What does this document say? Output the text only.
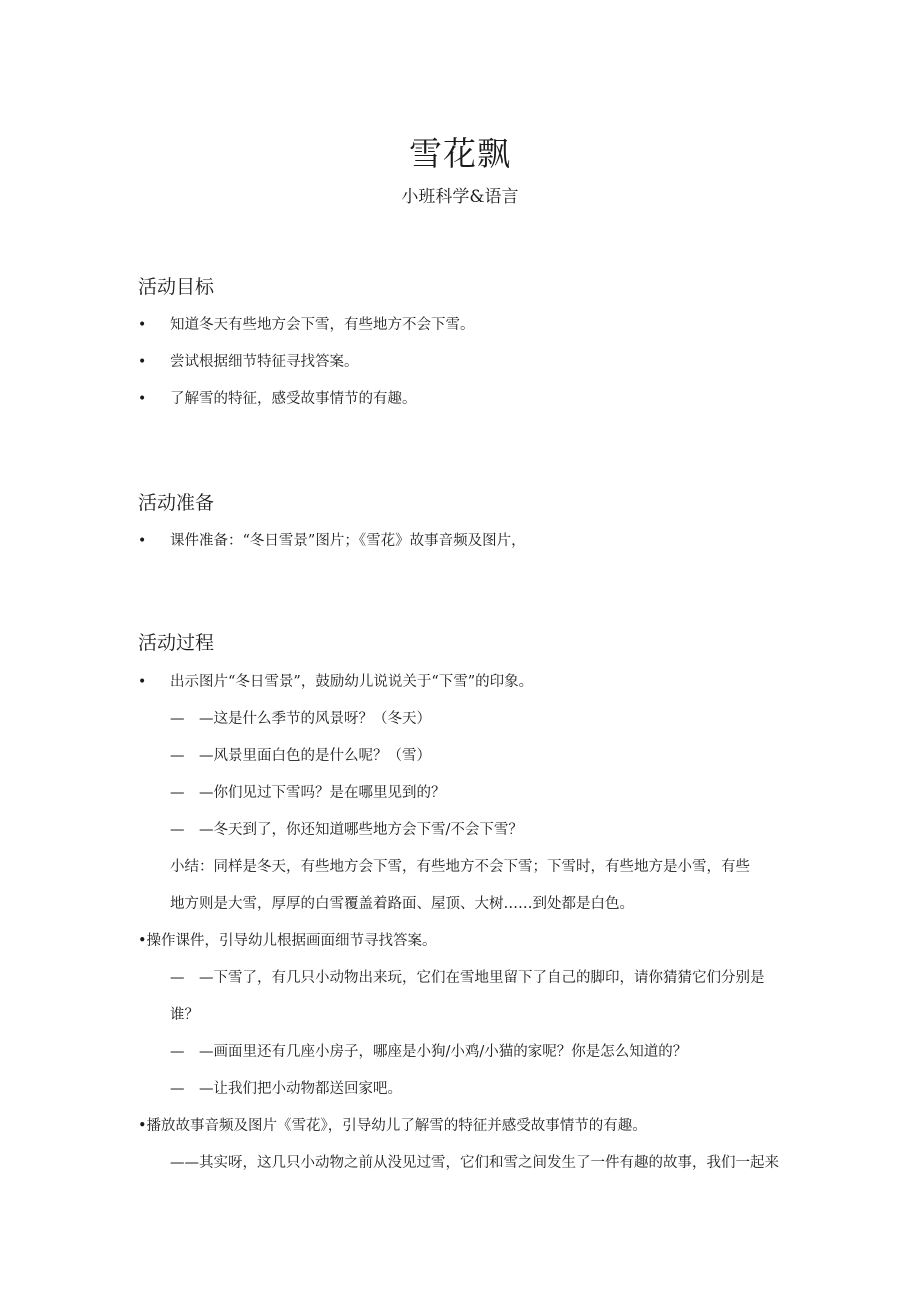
雪花飘
小班科学&语言
活动目标
• 知道冬天有些地方会下雪，有些地方不会下雪。
• 尝试根据细节特征寻找答案。
• 了解雪的特征，感受故事情节的有趣。
活动准备
• 课件准备：“冬日雪景”图片；《雪花》故事音频及图片，
活动过程
• 出示图片“冬日雪景”，鼓励幼儿说说关于“下雪”的印象。
— —这是什么季节的风景呀？（冬天）
— —风景里面白色的是什么呢？（雪）
— —你们见过下雪吗？是在哪里见到的？
— —冬天到了，你还知道哪些地方会下雪/不会下雪？
小结：同样是冬天，有些地方会下雪，有些地方不会下雪；下雪时，有些地方是小雪，有些
地方则是大雪，厚厚的白雪覆盖着路面、屋顶、大树……到处都是白色。
•操作课件，引导幼儿根据画面细节寻找答案。
— —下雪了，有几只小动物出来玩，它们在雪地里留下了自己的脚印，请你猜猜它们分别是
谁？
— —画面里还有几座小房子，哪座是小狗/小鸡/小猫的家呢？你是怎么知道的？
— —让我们把小动物都送回家吧。
•播放故事音频及图片《雪花》，引导幼儿了解雪的特征并感受故事情节的有趣。
——其实呀，这几只小动物之前从没见过雪，它们和雪之间发生了一件有趣的故事，我们一起来
